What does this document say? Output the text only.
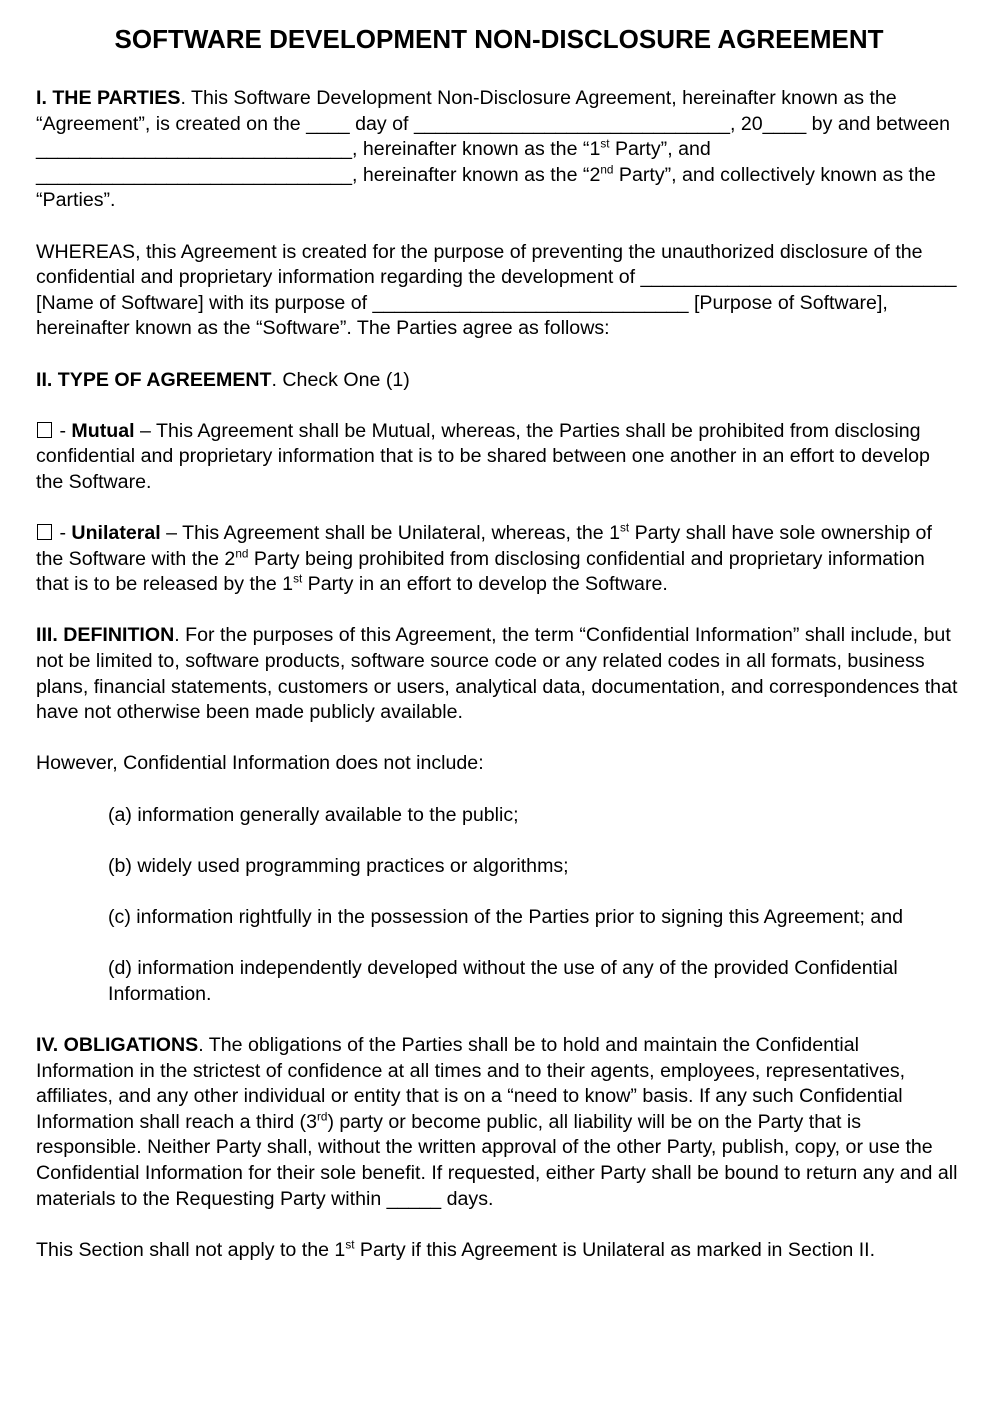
SOFTWARE DEVELOPMENT NON-DISCLOSURE AGREEMENT

I. THE PARTIES. This Software Development Non-Disclosure Agreement, hereinafter known as the “Agreement”, is created on the ____ day of _____________________________, 20____ by and between _____________________________, hereinafter known as the “1st Party”, and _____________________________, hereinafter known as the “2nd Party”, and collectively known as the “Parties”.

WHEREAS, this Agreement is created for the purpose of preventing the unauthorized disclosure of the confidential and proprietary information regarding the development of _____________________________ [Name of Software] with its purpose of _____________________________ [Purpose of Software], hereinafter known as the “Software”. The Parties agree as follows:

II. TYPE OF AGREEMENT. Check One (1)

- Mutual – This Agreement shall be Mutual, whereas, the Parties shall be prohibited from disclosing confidential and proprietary information that is to be shared between one another in an effort to develop the Software.

- Unilateral – This Agreement shall be Unilateral, whereas, the 1st Party shall have sole ownership of the Software with the 2nd Party being prohibited from disclosing confidential and proprietary information that is to be released by the 1st Party in an effort to develop the Software.

III. DEFINITION. For the purposes of this Agreement, the term “Confidential Information” shall include, but not be limited to, software products, software source code or any related codes in all formats, business plans, financial statements, customers or users, analytical data, documentation, and correspondences that have not otherwise been made publicly available.

However, Confidential Information does not include:

(a) information generally available to the public;

(b) widely used programming practices or algorithms;

(c) information rightfully in the possession of the Parties prior to signing this Agreement; and

(d) information independently developed without the use of any of the provided Confidential Information.

IV. OBLIGATIONS. The obligations of the Parties shall be to hold and maintain the Confidential Information in the strictest of confidence at all times and to their agents, employees, representatives, affiliates, and any other individual or entity that is on a “need to know” basis. If any such Confidential Information shall reach a third (3rd) party or become public, all liability will be on the Party that is responsible. Neither Party shall, without the written approval of the other Party, publish, copy, or use the Confidential Information for their sole benefit. If requested, either Party shall be bound to return any and all materials to the Requesting Party within _____ days.

This Section shall not apply to the 1st Party if this Agreement is Unilateral as marked in Section II.
